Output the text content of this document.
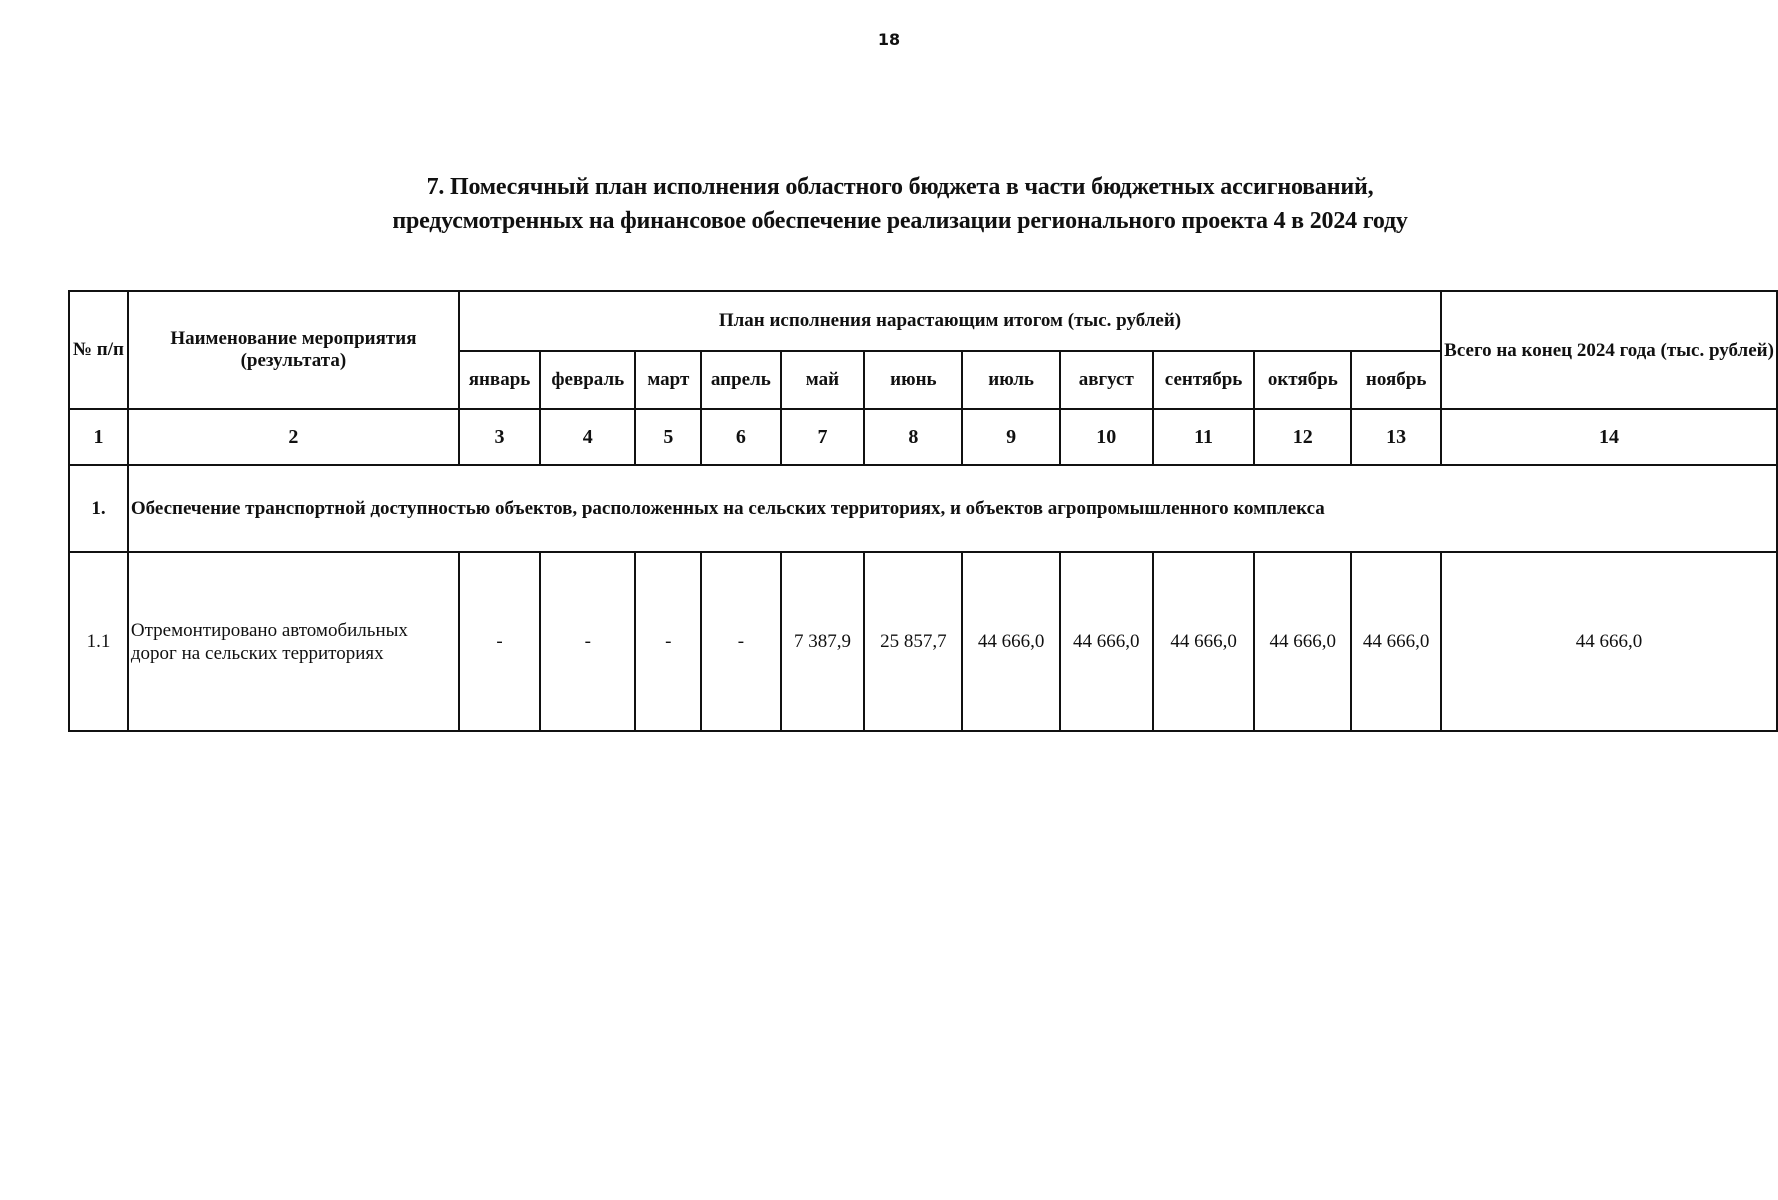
18
7. Помесячный план исполнения областного бюджета в части бюджетных ассигнований,
предусмотренных на финансовое обеспечение реализации регионального проекта 4 в 2024 году
№ п/п	Наименование мероприятия (результата)	План исполнения нарастающим итогом (тыс. рублей)											Всего на конец 2024 года (тыс. рублей)
		январь	февраль	март	апрель	май	июнь	июль	август	сентябрь	октябрь	ноябрь	
1	2	3	4	5	6	7	8	9	10	11	12	13	14
1.	Обеспечение транспортной доступностью объектов, расположенных на сельских территориях, и объектов агропромышленного комплекса												
1.1	Отремонтировано автомобильных дорог на сельских территориях	-	-	-	-	7 387,9	25 857,7	44 666,0	44 666,0	44 666,0	44 666,0	44 666,0	44 666,0
